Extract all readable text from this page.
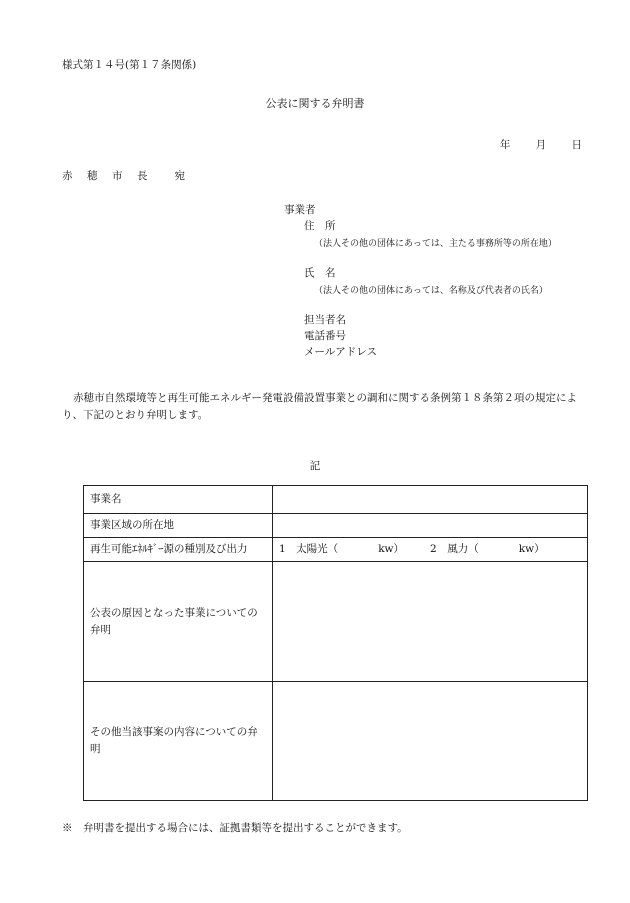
様式第１４号(第１７条関係)
公表に関する弁明書
年 月 日
赤　穂　市　長　　宛
事業者
住　所
（法人その他の団体にあっては、主たる事務所等の所在地）
氏　名
（法人その他の団体にあっては、名称及び代表者の氏名）
担当者名
電話番号
メールアドレス
赤穂市自然環境等と再生可能エネルギー発電設備設置事業との調和に関する条例第１８条第２項の規定により、下記のとおり弁明します。
記
事業名	
事業区域の所在地	
再生可能ｴﾈﾙｷﾞｰ源の種別及び出力	1　太陽光（ kw） 2　風力（ kw）
公表の原因となった事業についての弁明	
その他当該事案の内容についての弁明	
※　弁明書を提出する場合には、証拠書類等を提出することができます。
